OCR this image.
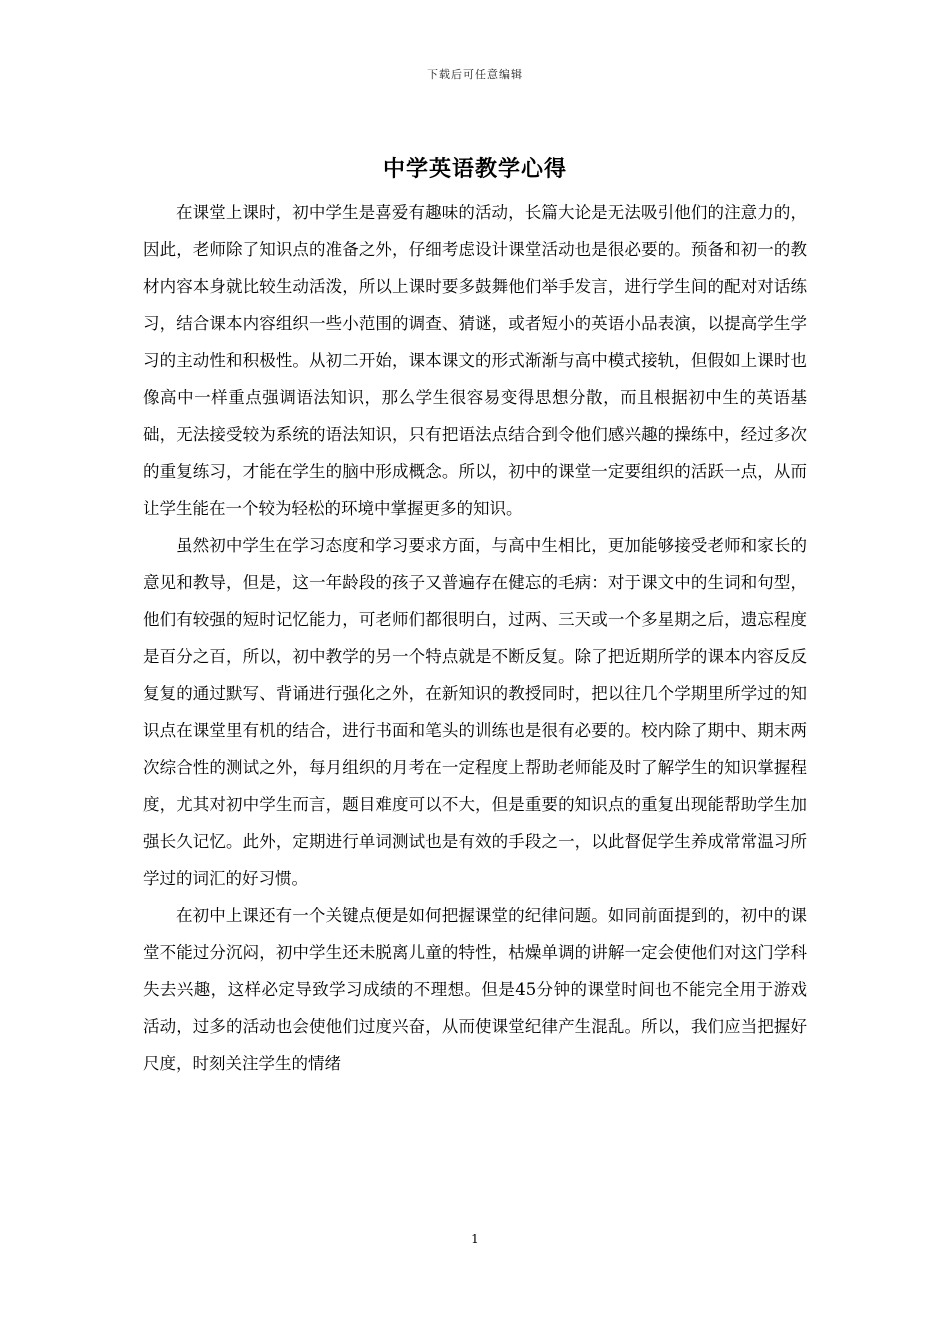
下载后可任意编辑
中学英语教学心得

在课堂上课时，初中学生是喜爱有趣味的活动，长篇大论是无法吸引他们的注意力的，因此，老师除了知识点的准备之外，仔细考虑设计课堂活动也是很必要的。预备和初一的教材内容本身就比较生动活泼，所以上课时要多鼓舞他们举手发言，进行学生间的配对对话练习，结合课本内容组织一些小范围的调查、猜谜，或者短小的英语小品表演，以提高学生学习的主动性和积极性。从初二开始，课本课文的形式渐渐与高中模式接轨，但假如上课时也像高中一样重点强调语法知识，那么学生很容易变得思想分散，而且根据初中生的英语基础，无法接受较为系统的语法知识，只有把语法点结合到令他们感兴趣的操练中，经过多次的重复练习，才能在学生的脑中形成概念。所以，初中的课堂一定要组织的活跃一点，从而让学生能在一个较为轻松的环境中掌握更多的知识。

虽然初中学生在学习态度和学习要求方面，与高中生相比，更加能够接受老师和家长的意见和教导，但是，这一年龄段的孩子又普遍存在健忘的毛病：对于课文中的生词和句型，他们有较强的短时记忆能力，可老师们都很明白，过两、三天或一个多星期之后，遗忘程度是百分之百，所以，初中教学的另一个特点就是不断反复。除了把近期所学的课本内容反反复复的通过默写、背诵进行强化之外，在新知识的教授同时，把以往几个学期里所学过的知识点在课堂里有机的结合，进行书面和笔头的训练也是很有必要的。校内除了期中、期末两次综合性的测试之外，每月组织的月考在一定程度上帮助老师能及时了解学生的知识掌握程度，尤其对初中学生而言，题目难度可以不大，但是重要的知识点的重复出现能帮助学生加强长久记忆。此外，定期进行单词测试也是有效的手段之一，以此督促学生养成常常温习所学过的词汇的好习惯。

在初中上课还有一个关键点便是如何把握课堂的纪律问题。如同前面提到的，初中的课堂不能过分沉闷，初中学生还未脱离儿童的特性，枯燥单调的讲解一定会使他们对这门学科失去兴趣，这样必定导致学习成绩的不理想。但是45分钟的课堂时间也不能完全用于游戏活动，过多的活动也会使他们过度兴奋，从而使课堂纪律产生混乱。所以，我们应当把握好尺度，时刻关注学生的情绪

1
